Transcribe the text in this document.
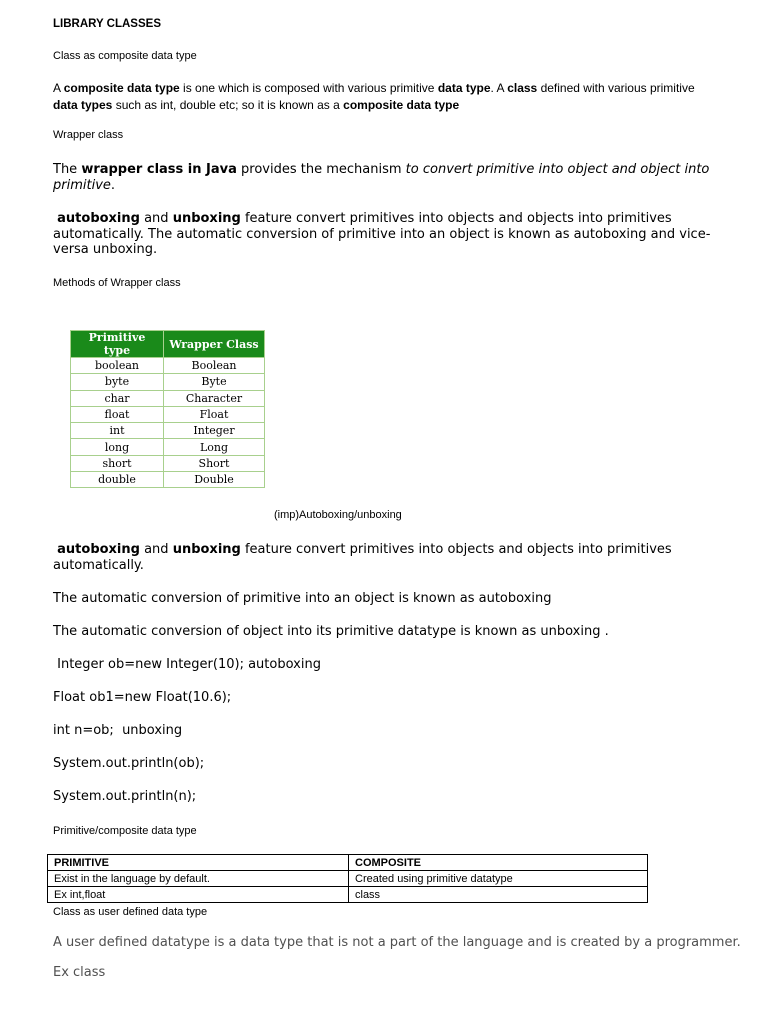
LIBRARY CLASSES
Class as composite data type
A composite data type is one which is composed with various primitive data type. A class defined with various primitive data types such as int, double etc; so it is known as a composite data type
Wrapper class
The wrapper class in Java provides the mechanism to convert primitive into object and object into primitive.
autoboxing and unboxing feature convert primitives into objects and objects into primitives automatically. The automatic conversion of primitive into an object is known as autoboxing and vice-versa unboxing.
Methods of Wrapper class
Primitive type	Wrapper Class
boolean	Boolean
byte	Byte
char	Character
float	Float
int	Integer
long	Long
short	Short
double	Double
(imp)Autoboxing/unboxing
autoboxing and unboxing feature convert primitives into objects and objects into primitives automatically.
The automatic conversion of primitive into an object is known as autoboxing
The automatic conversion of object into its primitive datatype is known as unboxing .
Integer ob=new Integer(10); autoboxing
Float ob1=new Float(10.6);
int n=ob;  unboxing
System.out.println(ob);
System.out.println(n);
Primitive/composite data type
PRIMITIVE	COMPOSITE
Exist in the language by default.	Created using primitive datatype
Ex int,float	class
Class as user defined data type
A user defined datatype is a data type that is not a part of the language and is created by a programmer.
Ex class
